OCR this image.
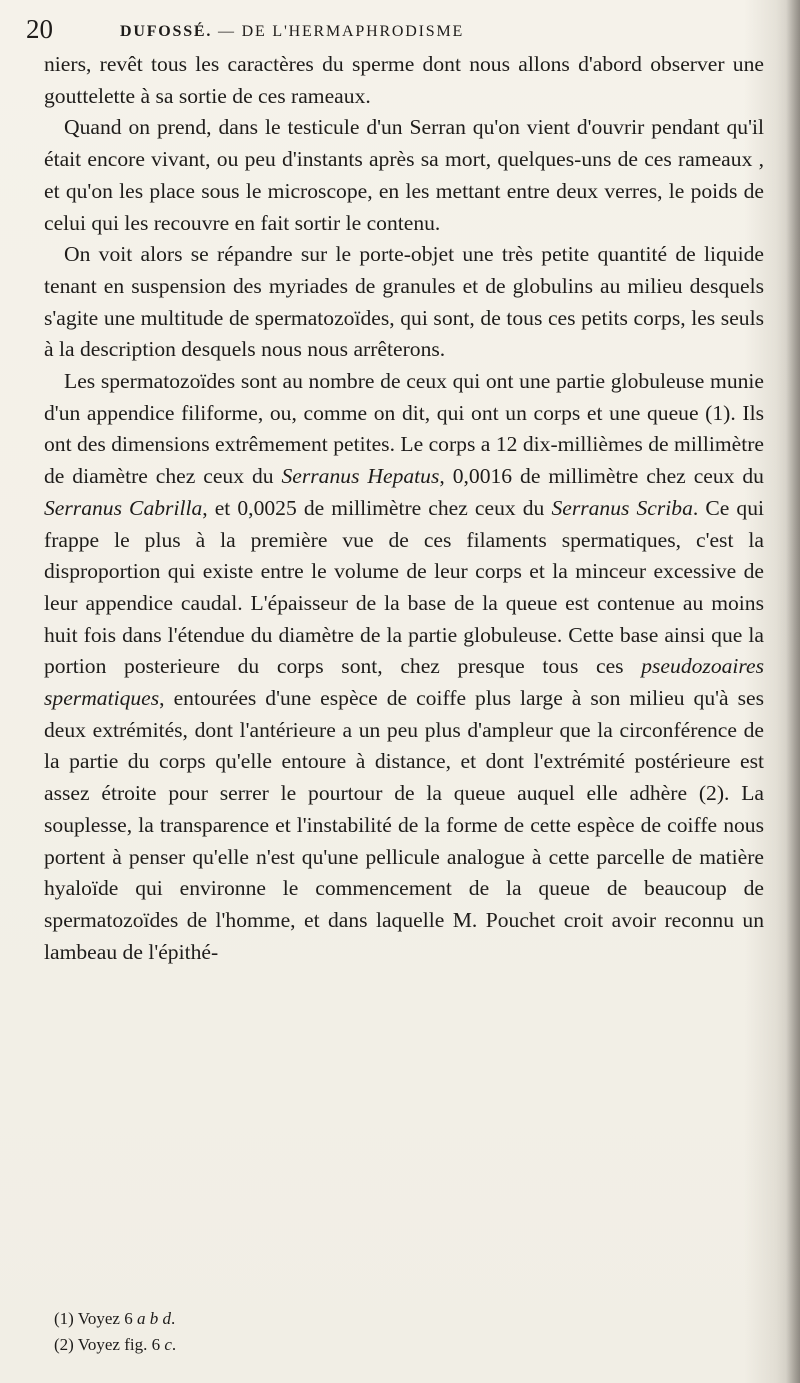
20	DUFOSSÉ. — DE L'HERMAPHRODISME

niers, revêt tous les caractères du sperme dont nous allons d'abord observer une gouttelette à sa sortie de ces rameaux.

Quand on prend, dans le testicule d'un Serran qu'on vient d'ouvrir pendant qu'il était encore vivant, ou peu d'instants après sa mort, quelques-uns de ces rameaux , et qu'on les place sous le microscope, en les mettant entre deux verres, le poids de celui qui les recouvre en fait sortir le contenu.

On voit alors se répandre sur le porte-objet une très petite quantité de liquide tenant en suspension des myriades de granules et de globulins au milieu desquels s'agite une multitude de spermatozoïdes, qui sont, de tous ces petits corps, les seuls à la description desquels nous nous arrêterons.

Les spermatozoïdes sont au nombre de ceux qui ont une partie globuleuse munie d'un appendice filiforme, ou, comme on dit, qui ont un corps et une queue (1). Ils ont des dimensions extrêmement petites. Le corps a 12 dix-millièmes de millimètre de diamètre chez ceux du Serranus Hepatus, 0,0016 de millimètre chez ceux du Serranus Cabrilla, et 0,0025 de millimètre chez ceux du Serranus Scriba. Ce qui frappe le plus à la première vue de ces filaments spermatiques, c'est la disproportion qui existe entre le volume de leur corps et la minceur excessive de leur appendice caudal. L'épaisseur de la base de la queue est contenue au moins huit fois dans l'étendue du diamètre de la partie globuleuse. Cette base ainsi que la portion posterieure du corps sont, chez presque tous ces pseudozoaires spermatiques, entourées d'une espèce de coiffe plus large à son milieu qu'à ses deux extrémités, dont l'antérieure a un peu plus d'ampleur que la circonférence de la partie du corps qu'elle entoure à distance, et dont l'extrémité postérieure est assez étroite pour serrer le pourtour de la queue auquel elle adhère (2). La souplesse, la transparence et l'instabilité de la forme de cette espèce de coiffe nous portent à penser qu'elle n'est qu'une pellicule analogue à cette parcelle de matière hyaloïde qui environne le commencement de la queue de beaucoup de spermatozoïdes de l'homme, et dans laquelle M. Pouchet croit avoir reconnu un lambeau de l'épithé-

(1) Voyez 6 a b d.

(2) Voyez fig. 6 c.
